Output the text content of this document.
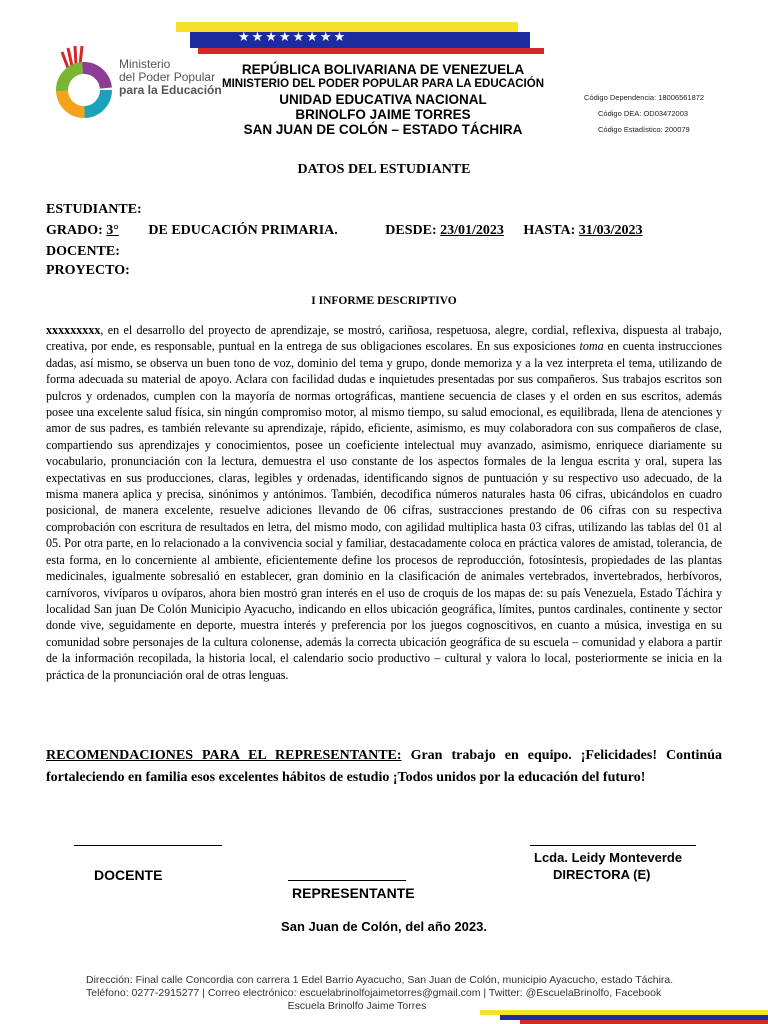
★★★★★★★★
Ministerio
del Poder Popular
para la Educación
REPÚBLICA BOLIVARIANA DE VENEZUELA
MINISTERIO DEL PODER POPULAR PARA LA EDUCACIÓN
UNIDAD EDUCATIVA NACIONAL
BRINOLFO JAIME TORRES
SAN JUAN DE COLÓN – ESTADO TÁCHIRA
Código Dependencia: 18006561872
Código DEA: OD03472003
Código Estadístico: 200079
DATOS DEL ESTUDIANTE
ESTUDIANTE:
GRADO: 3° DE EDUCACIÓN PRIMARIA.	DESDE: 23/01/2023 HASTA: 31/03/2023
DOCENTE:
PROYECTO:
I INFORME DESCRIPTIVO
xxxxxxxxx, en el desarrollo del proyecto de aprendizaje, se mostró, cariñosa, respetuosa, alegre, cordial, reflexiva, dispuesta al trabajo, creativa, por ende, es responsable, puntual en la entrega de sus obligaciones escolares. En sus exposiciones toma en cuenta instrucciones dadas, así mismo, se observa un buen tono de voz, dominio del tema y grupo, donde memoriza y a la vez interpreta el tema, utilizando de forma adecuada su material de apoyo. Aclara con facilidad dudas e inquietudes presentadas por sus compañeros. Sus trabajos escritos son pulcros y ordenados, cumplen con la mayoría de normas ortográficas, mantiene secuencia de clases y el orden en sus escritos, además posee una excelente salud física, sin ningún compromiso motor, al mismo tiempo, su salud emocional, es equilibrada, llena de atenciones y amor de sus padres, es también relevante su aprendizaje, rápido, eficiente, asimismo, es muy colaboradora con sus compañeros de clase, compartiendo sus aprendizajes y conocimientos, posee un coeficiente intelectual muy avanzado, asimismo, enriquece diariamente su vocabulario, pronunciación con la lectura, demuestra el uso constante de los aspectos formales de la lengua escrita y oral, supera las expectativas en sus producciones, claras, legibles y ordenadas, identificando signos de puntuación y su respectivo uso adecuado, de la misma manera aplica y precisa, sinónimos y antónimos. También, decodifica números naturales hasta 06 cifras, ubicándolos en cuadro posicional, de manera excelente, resuelve adiciones llevando de 06 cifras, sustracciones prestando de 06 cifras con su respectiva comprobación con escritura de resultados en letra, del mismo modo, con agilidad multiplica hasta 03 cifras, utilizando las tablas del 01 al 05. Por otra parte, en lo relacionado a la convivencia social y familiar, destacadamente coloca en práctica valores de amistad, tolerancia, de esta forma, en lo concerniente al ambiente, eficientemente define los procesos de reproducción, fotosíntesis, propiedades de las plantas medicinales, igualmente sobresalió en establecer, gran dominio en la clasificación de animales vertebrados, invertebrados, herbívoros, carnívoros, vivíparos u ovíparos, ahora bien mostró gran interés en el uso de croquis de los mapas de: su país Venezuela, Estado Táchira y localidad San juan De Colón Municipio Ayacucho, indicando en ellos ubicación geográfica, límites, puntos cardinales, continente y sector donde vive, seguidamente en deporte, muestra interés y preferencia por los juegos cognoscitivos, en cuanto a música, investiga en su comunidad sobre personajes de la cultura colonense, además la correcta ubicación geográfica de su escuela – comunidad y elabora a partir de la información recopilada, la historia local, el calendario socio productivo – cultural y valora lo local, posteriormente se inicia en la práctica de la pronunciación oral de otras lenguas.
RECOMENDACIONES PARA EL REPRESENTANTE: Gran trabajo en equipo. ¡Felicidades! Continúa fortaleciendo en familia esos excelentes hábitos de estudio ¡Todos unidos por la educación del futuro!
DOCENTE
REPRESENTANTE
Lcda. Leidy Monteverde
DIRECTORA (E)
San Juan de Colón, del año 2023.
Dirección: Final calle Concordia con carrera 1 Edel Barrio Ayacucho, San Juan de Colón, municipio Ayacucho, estado Táchira.
Teléfono: 0277-2915277 | Correo electrónico: escuelabrinolfojaimetorres@gmail.com | Twitter: @EscuelaBrinolfo, Facebook
Escuela Brinolfo Jaime Torres
